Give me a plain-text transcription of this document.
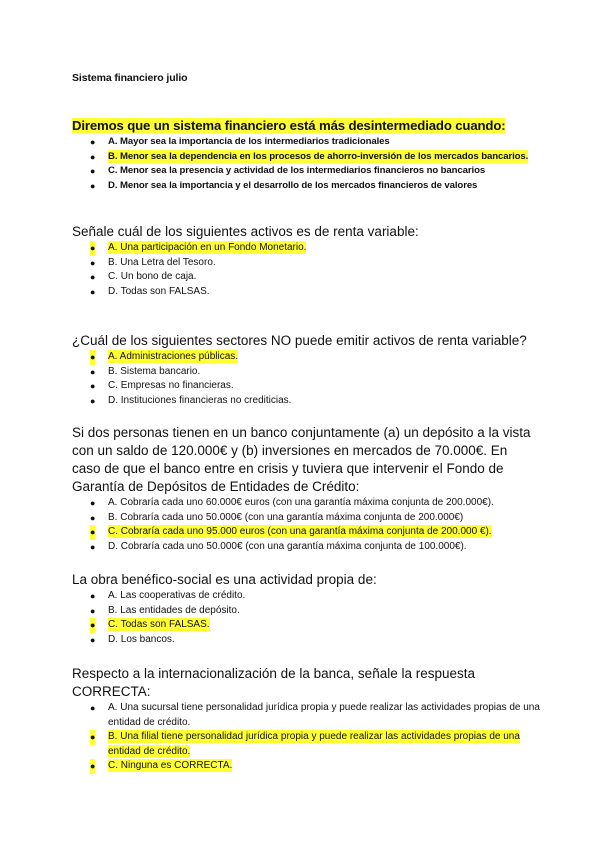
Sistema financiero julio

Diremos que un sistema financiero está más desintermediado cuando:

● A. Mayor sea la importancia de los intermediarios tradicionales
● B. Menor sea la dependencia en los procesos de ahorro-inversión de los mercados bancarios.
● C. Menor sea la presencia y actividad de los intermediarios financieros no bancarios
● D. Menor sea la importancia y el desarrollo de los mercados financieros de valores

Señale cuál de los siguientes activos es de renta variable:

● A. Una participación en un Fondo Monetario.
● B. Una Letra del Tesoro.
● C. Un bono de caja.
● D. Todas son FALSAS.

¿Cuál de los siguientes sectores NO puede emitir activos de renta variable?

● A. Administraciones públicas.
● B. Sistema bancario.
● C. Empresas no financieras.
● D. Instituciones financieras no crediticias.

Si dos personas tienen en un banco conjuntamente (a) un depósito a la vista con un saldo de 120.000€ y (b) inversiones en mercados de 70.000€. En caso de que el banco entre en crisis y tuviera que intervenir el Fondo de Garantía de Depósitos de Entidades de Crédito:

● A. Cobraría cada uno 60.000€ euros (con una garantía máxima conjunta de 200.000€).
● B. Cobraría cada uno 50.000€ (con una garantía máxima conjunta de 200.000€)
● C. Cobraría cada uno 95.000 euros (con una garantía máxima conjunta de 200.000 €).
● D. Cobraría cada uno 50.000€ (con una garantía máxima conjunta de 100.000€).

La obra benéfico-social es una actividad propia de:

● A. Las cooperativas de crédito.
● B. Las entidades de depósito.
● C. Todas son FALSAS.
● D. Los bancos.

Respecto a la internacionalización de la banca, señale la respuesta CORRECTA:

● A. Una sucursal tiene personalidad jurídica propia y puede realizar las actividades propias de una entidad de crédito.
● B. Una filial tiene personalidad jurídica propia y puede realizar las actividades propias de una entidad de crédito.
● C. Ninguna es CORRECTA.
